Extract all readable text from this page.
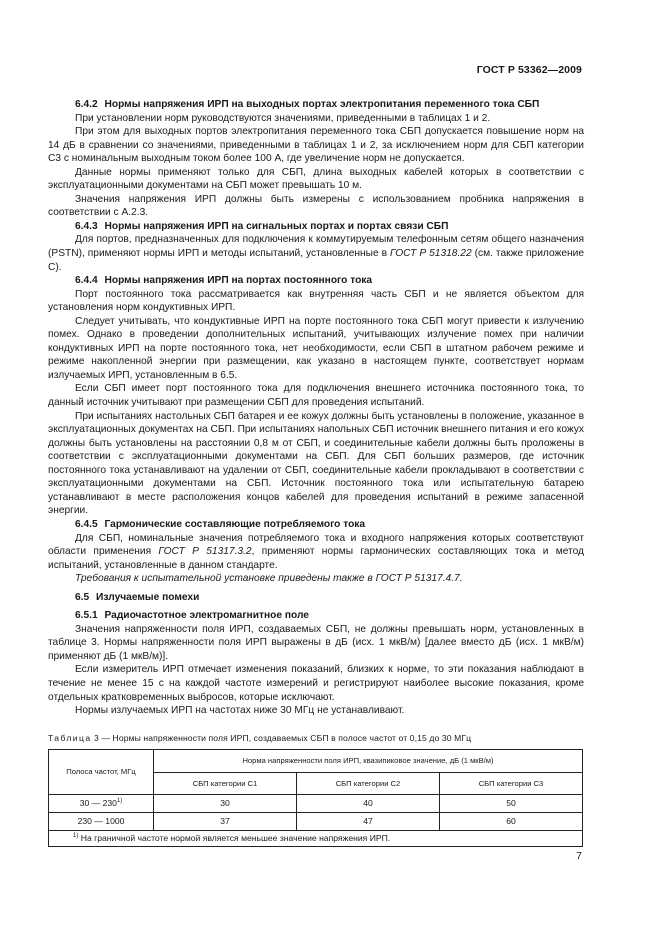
ГОСТ Р 53362—2009

6.4.2 Нормы напряжения ИРП на выходных портах электропитания переменного тока СБП

При установлении норм руководствуются значениями, приведенными в таблицах 1 и 2.

При этом для выходных портов электропитания переменного тока СБП допускается повышение норм на 14 дБ в сравнении со значениями, приведенными в таблицах 1 и 2, за исключением норм для СБП категории С3 с номинальным выходным током более 100 А, где увеличение норм не допускается.

Данные нормы применяют только для СБП, длина выходных кабелей которых в соответствии с эксплуатационными документами на СБП может превышать 10 м.

Значения напряжения ИРП должны быть измерены с использованием пробника напряжения в соответствии с А.2.3.

6.4.3 Нормы напряжения ИРП на сигнальных портах и портах связи СБП

Для портов, предназначенных для подключения к коммутируемым телефонным сетям общего назначения (PSTN), применяют нормы ИРП и методы испытаний, установленные в ГОСТ Р 51318.22 (см. также приложение С).

6.4.4 Нормы напряжения ИРП на портах постоянного тока

Порт постоянного тока рассматривается как внутренняя часть СБП и не является объектом для установления норм кондуктивных ИРП.

Следует учитывать, что кондуктивные ИРП на порте постоянного тока СБП могут привести к излучению помех. Однако в проведении дополнительных испытаний, учитывающих излучение помех при наличии кондуктивных ИРП на порте постоянного тока, нет необходимости, если СБП в штатном рабочем режиме и режиме накопленной энергии при размещении, как указано в настоящем пункте, соответствует нормам излучаемых ИРП, установленным в 6.5.

Если СБП имеет порт постоянного тока для подключения внешнего источника постоянного тока, то данный источник учитывают при размещении СБП для проведения испытаний.

При испытаниях настольных СБП батарея и ее кожух должны быть установлены в положение, указанное в эксплуатационных документах на СБП. При испытаниях напольных СБП источник внешнего питания и его кожух должны быть установлены на расстоянии 0,8 м от СБП, и соединительные кабели должны быть проложены в соответствии с эксплуатационными документами на СБП. Для СБП больших размеров, где источник постоянного тока устанавливают на удалении от СБП, соединительные кабели прокладывают в соответствии с эксплуатационными документами на СБП. Источник постоянного тока или испытательную батарею устанавливают в месте расположения концов кабелей для проведения испытаний в режиме запасенной энергии.

6.4.5 Гармонические составляющие потребляемого тока

Для СБП, номинальные значения потребляемого тока и входного напряжения которых соответствуют области применения ГОСТ Р 51317.3.2, применяют нормы гармонических составляющих тока и метод испытаний, установленные в данном стандарте.

Требования к испытательной установке приведены также в ГОСТ Р 51317.4.7.

6.5 Излучаемые помехи

6.5.1 Радиочастотное электромагнитное поле

Значения напряженности поля ИРП, создаваемых СБП, не должны превышать норм, установленных в таблице 3. Нормы напряженности поля ИРП выражены в дБ (исх. 1 мкВ/м) [далее вместо дБ (исх. 1 мкВ/м) применяют дБ (1 мкВ/м)].

Если измеритель ИРП отмечает изменения показаний, близких к норме, то эти показания наблюдают в течение не менее 15 с на каждой частоте измерений и регистрируют наиболее высокие показания, кроме отдельных кратковременных выбросов, которые исключают.

Нормы излучаемых ИРП на частотах ниже 30 МГц не устанавливают.

Таблица 3 — Нормы напряженности поля ИРП, создаваемых СБП в полосе частот от 0,15 до 30 МГц
Полоса частот, МГц	Норма напряженности поля ИРП, квазипиковое значение, дБ (1 мкВ/м)		
	СБП категории С1	СБП категории С2	СБП категории С3
30 — 230$^{1)}$	30	40	50
230 — 1000	37	47	60
$^{1)}$ На граничной частоте нормой является меньшее значение напряжения ИРП.			
7
